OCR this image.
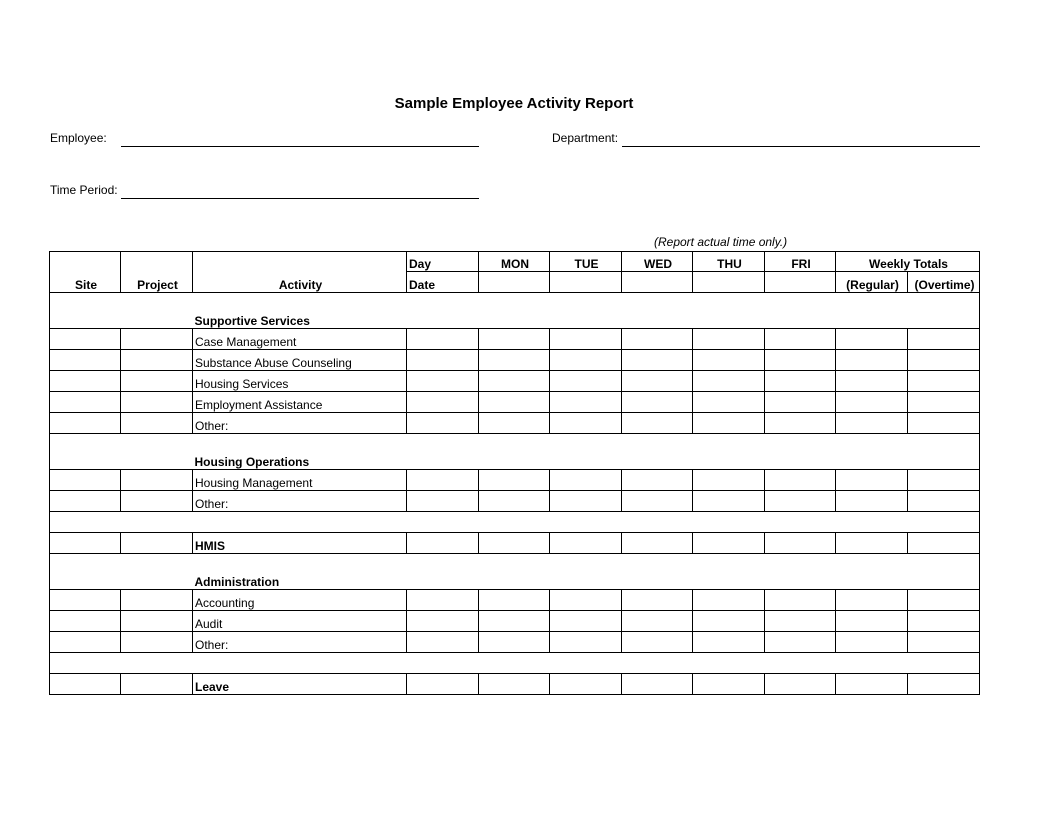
Sample Employee Activity Report
Employee:	Department:
Time Period:
(Report actual time only.)
Site	Project	Activity	Day	MON	TUE	WED	THU	FRI	Weekly Totals	
			Date						(Regular)	(Overtime)
		Supportive Services								
		Case Management								
		Substance Abuse Counseling								
		Housing Services								
		Employment Assistance								
		Other:								
		Housing Operations								
		Housing Management								
		Other:								

		HMIS								
		Administration								
		Accounting								
		Audit								
		Other:								

		Leave								
